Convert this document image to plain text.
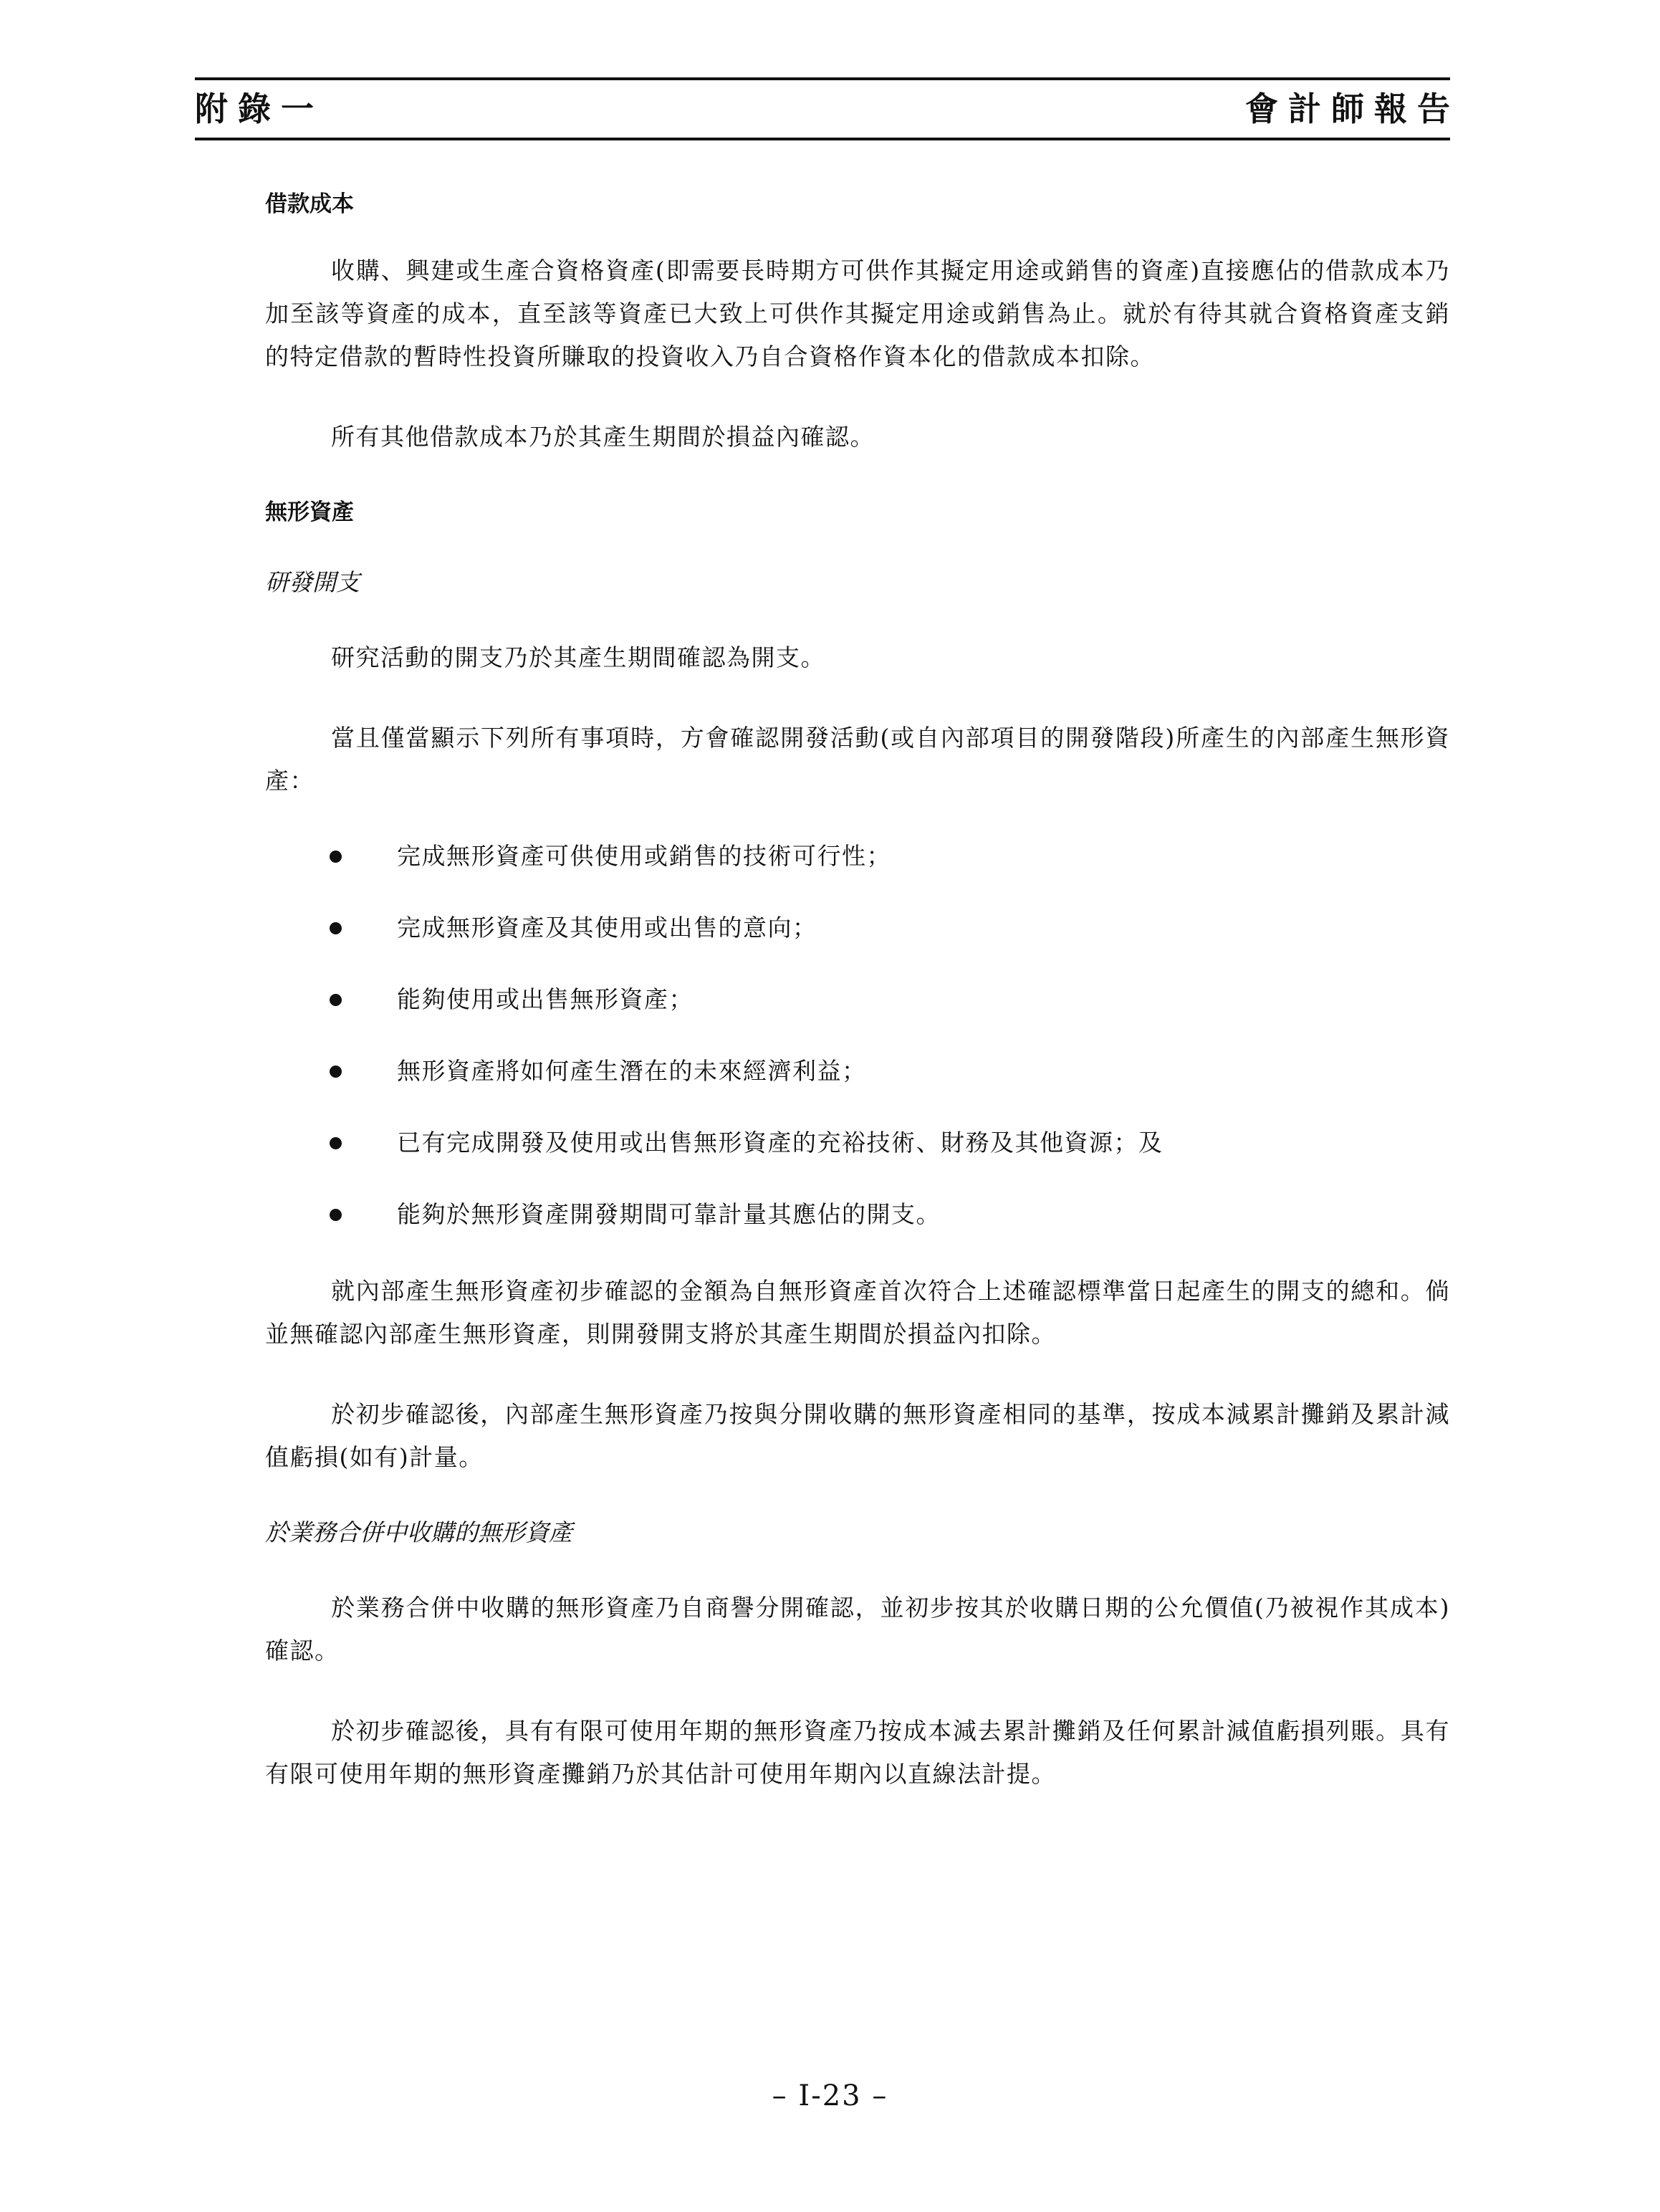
附錄一	會計師報告

借款成本

收購、興建或生產合資格資產(即需要長時期方可供作其擬定用途或銷售的資產)直接應佔的借款成本乃加至該等資產的成本，直至該等資產已大致上可供作其擬定用途或銷售為止。就於有待其就合資格資產支銷的特定借款的暫時性投資所賺取的投資收入乃自合資格作資本化的借款成本扣除。

所有其他借款成本乃於其產生期間於損益內確認。

無形資產

研發開支

研究活動的開支乃於其產生期間確認為開支。

當且僅當顯示下列所有事項時，方會確認開發活動(或自內部項目的開發階段)所產生的內部產生無形資產：

完成無形資產可供使用或銷售的技術可行性；
完成無形資產及其使用或出售的意向；
能夠使用或出售無形資產；
無形資產將如何產生潛在的未來經濟利益；
已有完成開發及使用或出售無形資產的充裕技術、財務及其他資源；及
能夠於無形資產開發期間可靠計量其應佔的開支。

就內部產生無形資產初步確認的金額為自無形資產首次符合上述確認標準當日起產生的開支的總和。倘並無確認內部產生無形資產，則開發開支將於其產生期間於損益內扣除。

於初步確認後，內部產生無形資產乃按與分開收購的無形資產相同的基準，按成本減累計攤銷及累計減值虧損(如有)計量。

於業務合併中收購的無形資產

於業務合併中收購的無形資產乃自商譽分開確認，並初步按其於收購日期的公允價值(乃被視作其成本)確認。

於初步確認後，具有有限可使用年期的無形資產乃按成本減去累計攤銷及任何累計減值虧損列賬。具有有限可使用年期的無形資產攤銷乃於其估計可使用年期內以直線法計提。

– I-23 –
